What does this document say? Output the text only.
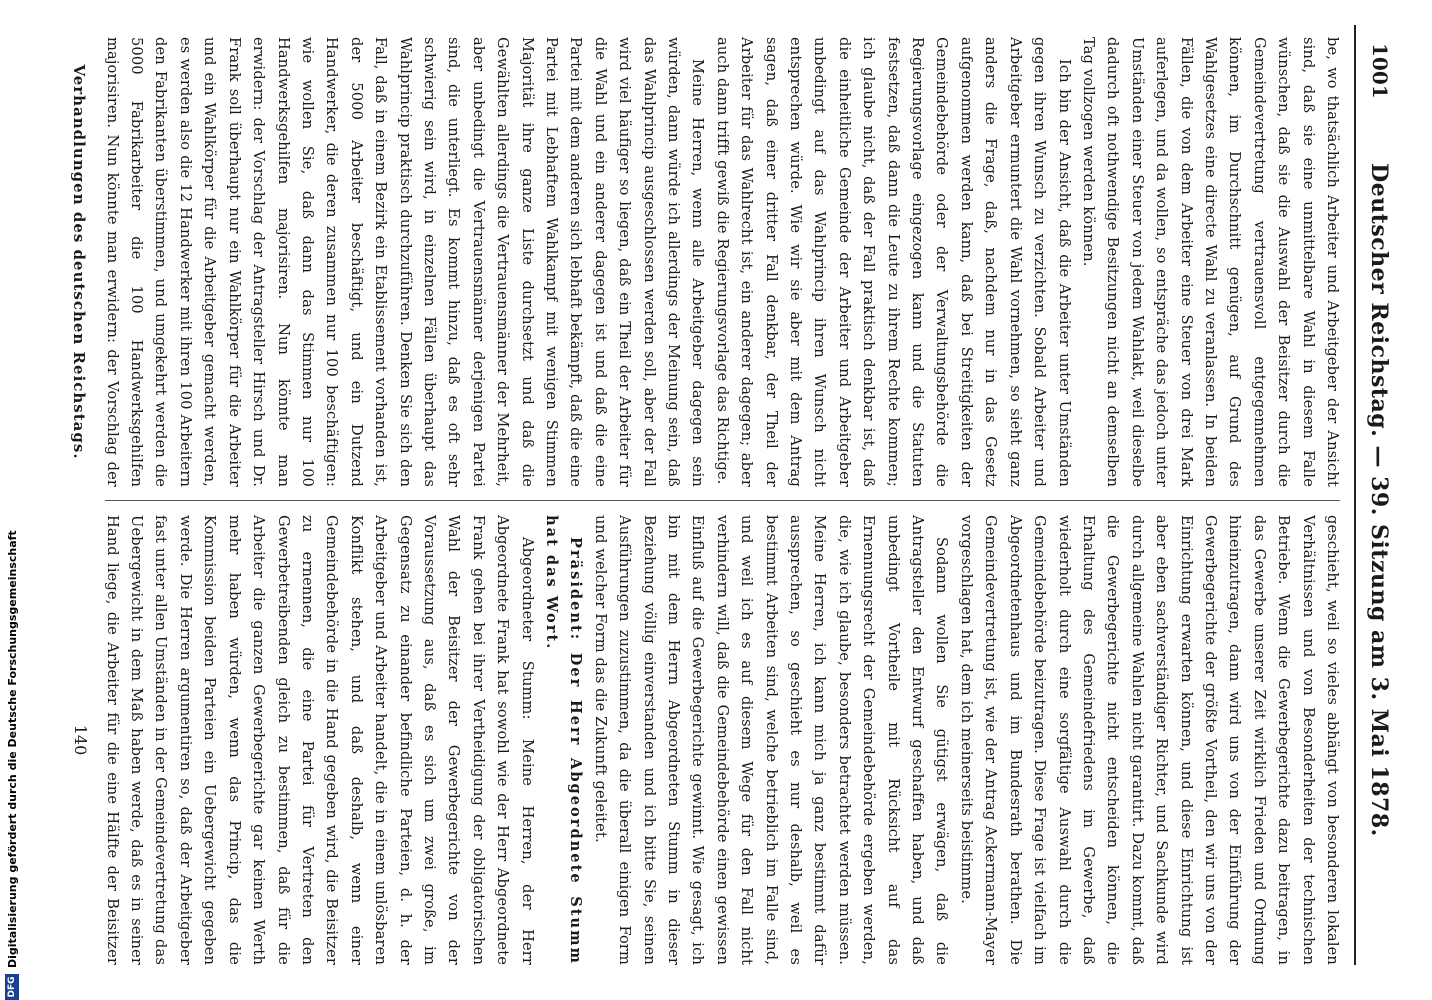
1001
Deutscher Reichstag. — 39. Sitzung am 3. Mai 1878.

be, wo thatsächlich Arbeiter und Arbeitgeber der Ansicht sind, daß sie eine unmittelbare Wahl in diesem Falle wünschen, daß sie die Auswahl der Beisitzer durch die Gemeindevertretung vertrauensvoll entgegennehmen können, im Durchschnitt genügen, auf Grund des Wahlgesetzes eine directe Wahl zu veranlassen. In beiden Fällen, die von dem Arbeiter eine Steuer von drei Mark auferlegen, und da wollen, so entspräche das jedoch unter Umständen einer Steuer von jedem Wahlakt, weil dieselbe dadurch oft nothwendige Besitzungen nicht an demselben Tag vollzogen werden können.

Ich bin der Ansicht, daß die Arbeiter unter Umständen gegen ihren Wunsch zu verzichten. Sobald Arbeiter und Arbeitgeber ermuntert die Wahl vornehmen, so sieht ganz anders die Frage, daß, nachdem nur in das Gesetz aufgenommen werden kann, daß bei Streitigkeiten der Gemeindebehörde oder der Verwaltungsbehörde die Regierungsvorlage eingezogen kann und die Statuten festsetzen, daß dann die Leute zu ihrem Rechte kommen; ich glaube nicht, daß der Fall praktisch denkbar ist, daß die einheitliche Gemeinde der Arbeiter und Arbeitgeber unbedingt auf das Wahlprincip ihren Wunsch nicht entsprechen würde. Wie wir sie aber mit dem Antrag sagen, daß einer dritter Fall denkbar, der Theil der Arbeiter für das Wahlrecht ist, ein anderer dagegen; aber auch dann trifft gewiß die Regierungsvorlage das Richtige.

Meine Herren, wenn alle Arbeitgeber dagegen sein würden, dann würde ich allerdings der Meinung sein, daß das Wahlprincip ausgeschlossen werden soll, aber der Fall wird viel häufiger so liegen, daß ein Theil der Arbeiter für die Wahl und ein anderer dagegen ist und daß die eine Partei mit dem anderen sich lebhaft bekämpft, daß die eine Partei mit Lebhaftem Wahlkampf mit wenigen Stimmen Majorität ihre ganze Liste durchsetzt und daß die Gewählten allerdings die Vertrauensmänner der Mehrheit, aber unbedingt die Vertrauensmänner derjenigen Partei sind, die unterliegt. Es kommt hinzu, daß es oft sehr schwierig sein wird, in einzelnen Fällen überhaupt das Wahlprincip praktisch durchzuführen. Denken Sie sich den Fall, daß in einem Bezirk ein Etablissement vorhanden ist, der 5000 Arbeiter beschäftigt, und ein Dutzend Handwerker, die deren zusammen nur 100 beschäftigen: wie wollen Sie, daß dann das Stimmen nur 100 Handwerksgehilfen majorisiren. Nun könnte man erwidern: der Vorschlag der Antragsteller Hirsch und Dr. Frank soll überhaupt nur ein Wahlkörper für die Arbeiter und ein Wahlkörper für die Arbeitgeber gemacht werden, es werden also die 12 Handwerker mit ihren 100 Arbeitern den Fabrikanten überstimmen, und umgekehrt werden die 5000 Fabrikarbeiter die 100 Handwerksgehilfen majorisiren. Nun könnte man erwidern: der Vorschlag der

geschieht, weil so vieles abhängt von besonderen lokalen Verhältnissen und von Besonderheiten der technischen Betriebe. Wenn die Gewerbegerichte dazu beitragen, in das Gewerbe unserer Zeit wirklich Frieden und Ordnung hineinzutragen, dann wird uns von der Einführung der Gewerbegerichte der größte Vortheil, den wir uns von der Einrichtung erwarten können, und diese Einrichtung ist aber eben sachverständiger Richter, und Sachkunde wird durch allgemeine Wahlen nicht garantirt. Dazu kommt, daß die Gewerbegerichte nicht entscheiden können, die Erhaltung des Gemeindefriedens im Gewerbe, daß wiederholt durch eine sorgfältige Auswahl durch die Gemeindebehörde beizutragen. Diese Frage ist vielfach im Abgeordnetenhaus und im Bundesrath berathen. Die Gemeindevertretung ist, wie der Antrag Ackermann-Mayer vorgeschlagen hat, dem ich meinerseits beistimme.

Sodann wollen Sie gütigst erwägen, daß die Antragsteller den Entwurf geschaffen haben, und daß unbedingt Vortheile mit Rücksicht auf das Ernennungsrecht der Gemeindebehörde ergeben werden, die, wie ich glaube, besonders betrachtet werden müssen. Meine Herren, ich kann mich ja ganz bestimmt dafür aussprechen, so geschieht es nur deshalb, weil es bestimmt Arbeiten sind, welche betrieblich im Falle sind, und weil ich es auf diesem Wege für den Fall nicht verhindern will, daß die Gemeindebehörde einen gewissen Einfluß auf die Gewerbegerichte gewinnt. Wie gesagt, ich bin mit dem Herrn Abgeordneten Stumm in dieser Beziehung völlig einverstanden und ich bitte Sie, seinen Ausführungen zuzustimmen, da die überall einigen Form und welcher Form das die Zukunft geleitet.

Präsident: Der Herr Abgeordnete Stumm hat das Wort.

Abgeordneter Stumm: Meine Herren, der Herr Abgeordnete Frank hat sowohl wie der Herr Abgeordnete Frank gehen bei ihrer Vertheidigung der obligatorischen Wahl der Beisitzer der Gewerbegerichte von der Voraussetzung aus, daß es sich um zwei große, im Gegensatz zu einander befindliche Parteien, d. h. der Arbeitgeber und Arbeiter handelt, die in einem unlösbaren Konflikt stehen, und daß deshalb, wenn einer Gemeindebehörde in die Hand gegeben wird, die Beisitzer zu ernennen, die eine Partei für Vertreten den Gewerbetreibenden gleich zu bestimmen, daß für die Arbeiter die ganzen Gewerbegerichte gar keinen Werth mehr haben würden, wenn das Princip, das die Kommission beiden Parteien ein Uebergewicht gegeben werde. Die Herren argumentiren so, daß der Arbeitgeber fast unter allen Umständen in der Gemeindevertretung das Uebergewicht in dem Maß haben werde, daß es in seiner Hand liege, die Arbeiter für die eine Hälfte der Beisitzer

Verhandlungen des deutschen Reichstags.
140
DFG
Digitalisierung gefördert durch die Deutsche Forschungsgemeinschaft
